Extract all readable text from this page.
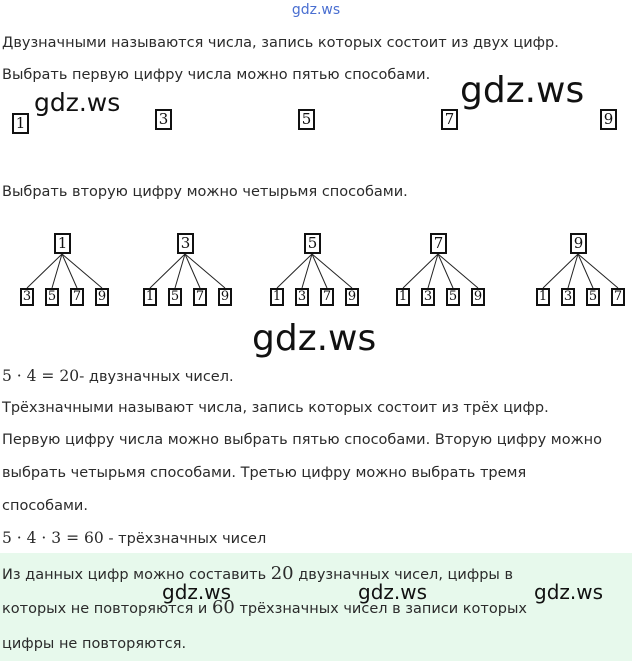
gdz.ws
Двузначными называются числа, запись которых состоит из двух цифр.
Выбрать первую цифру числа можно пятью способами.
1	3	5	7	9
gdz.ws	gdz.ws
Выбрать вторую цифру можно четырьмя способами.
1
3 5 7 9
3
1 5 7 9
5
1 3 7 9
7
1 3 5 9
9
1 3 5 7
gdz.ws
5 · 4 = 20- двузначных чисел.
Трёхзначными называют числа, запись которых состоит из трёх цифр.
Первую цифру числа можно выбрать пятью способами. Вторую цифру можно
выбрать четырьмя способами. Третью цифру можно выбрать тремя
способами.
5 · 4 · 3 = 60 - трёхзначных чисел
Из данных цифр можно составить 20 двузначных чисел, цифры в
которых не повторяются и 60 трёхзначных чисел в записи которых
цифры не повторяются.
gdz.ws	gdz.ws	gdz.ws
